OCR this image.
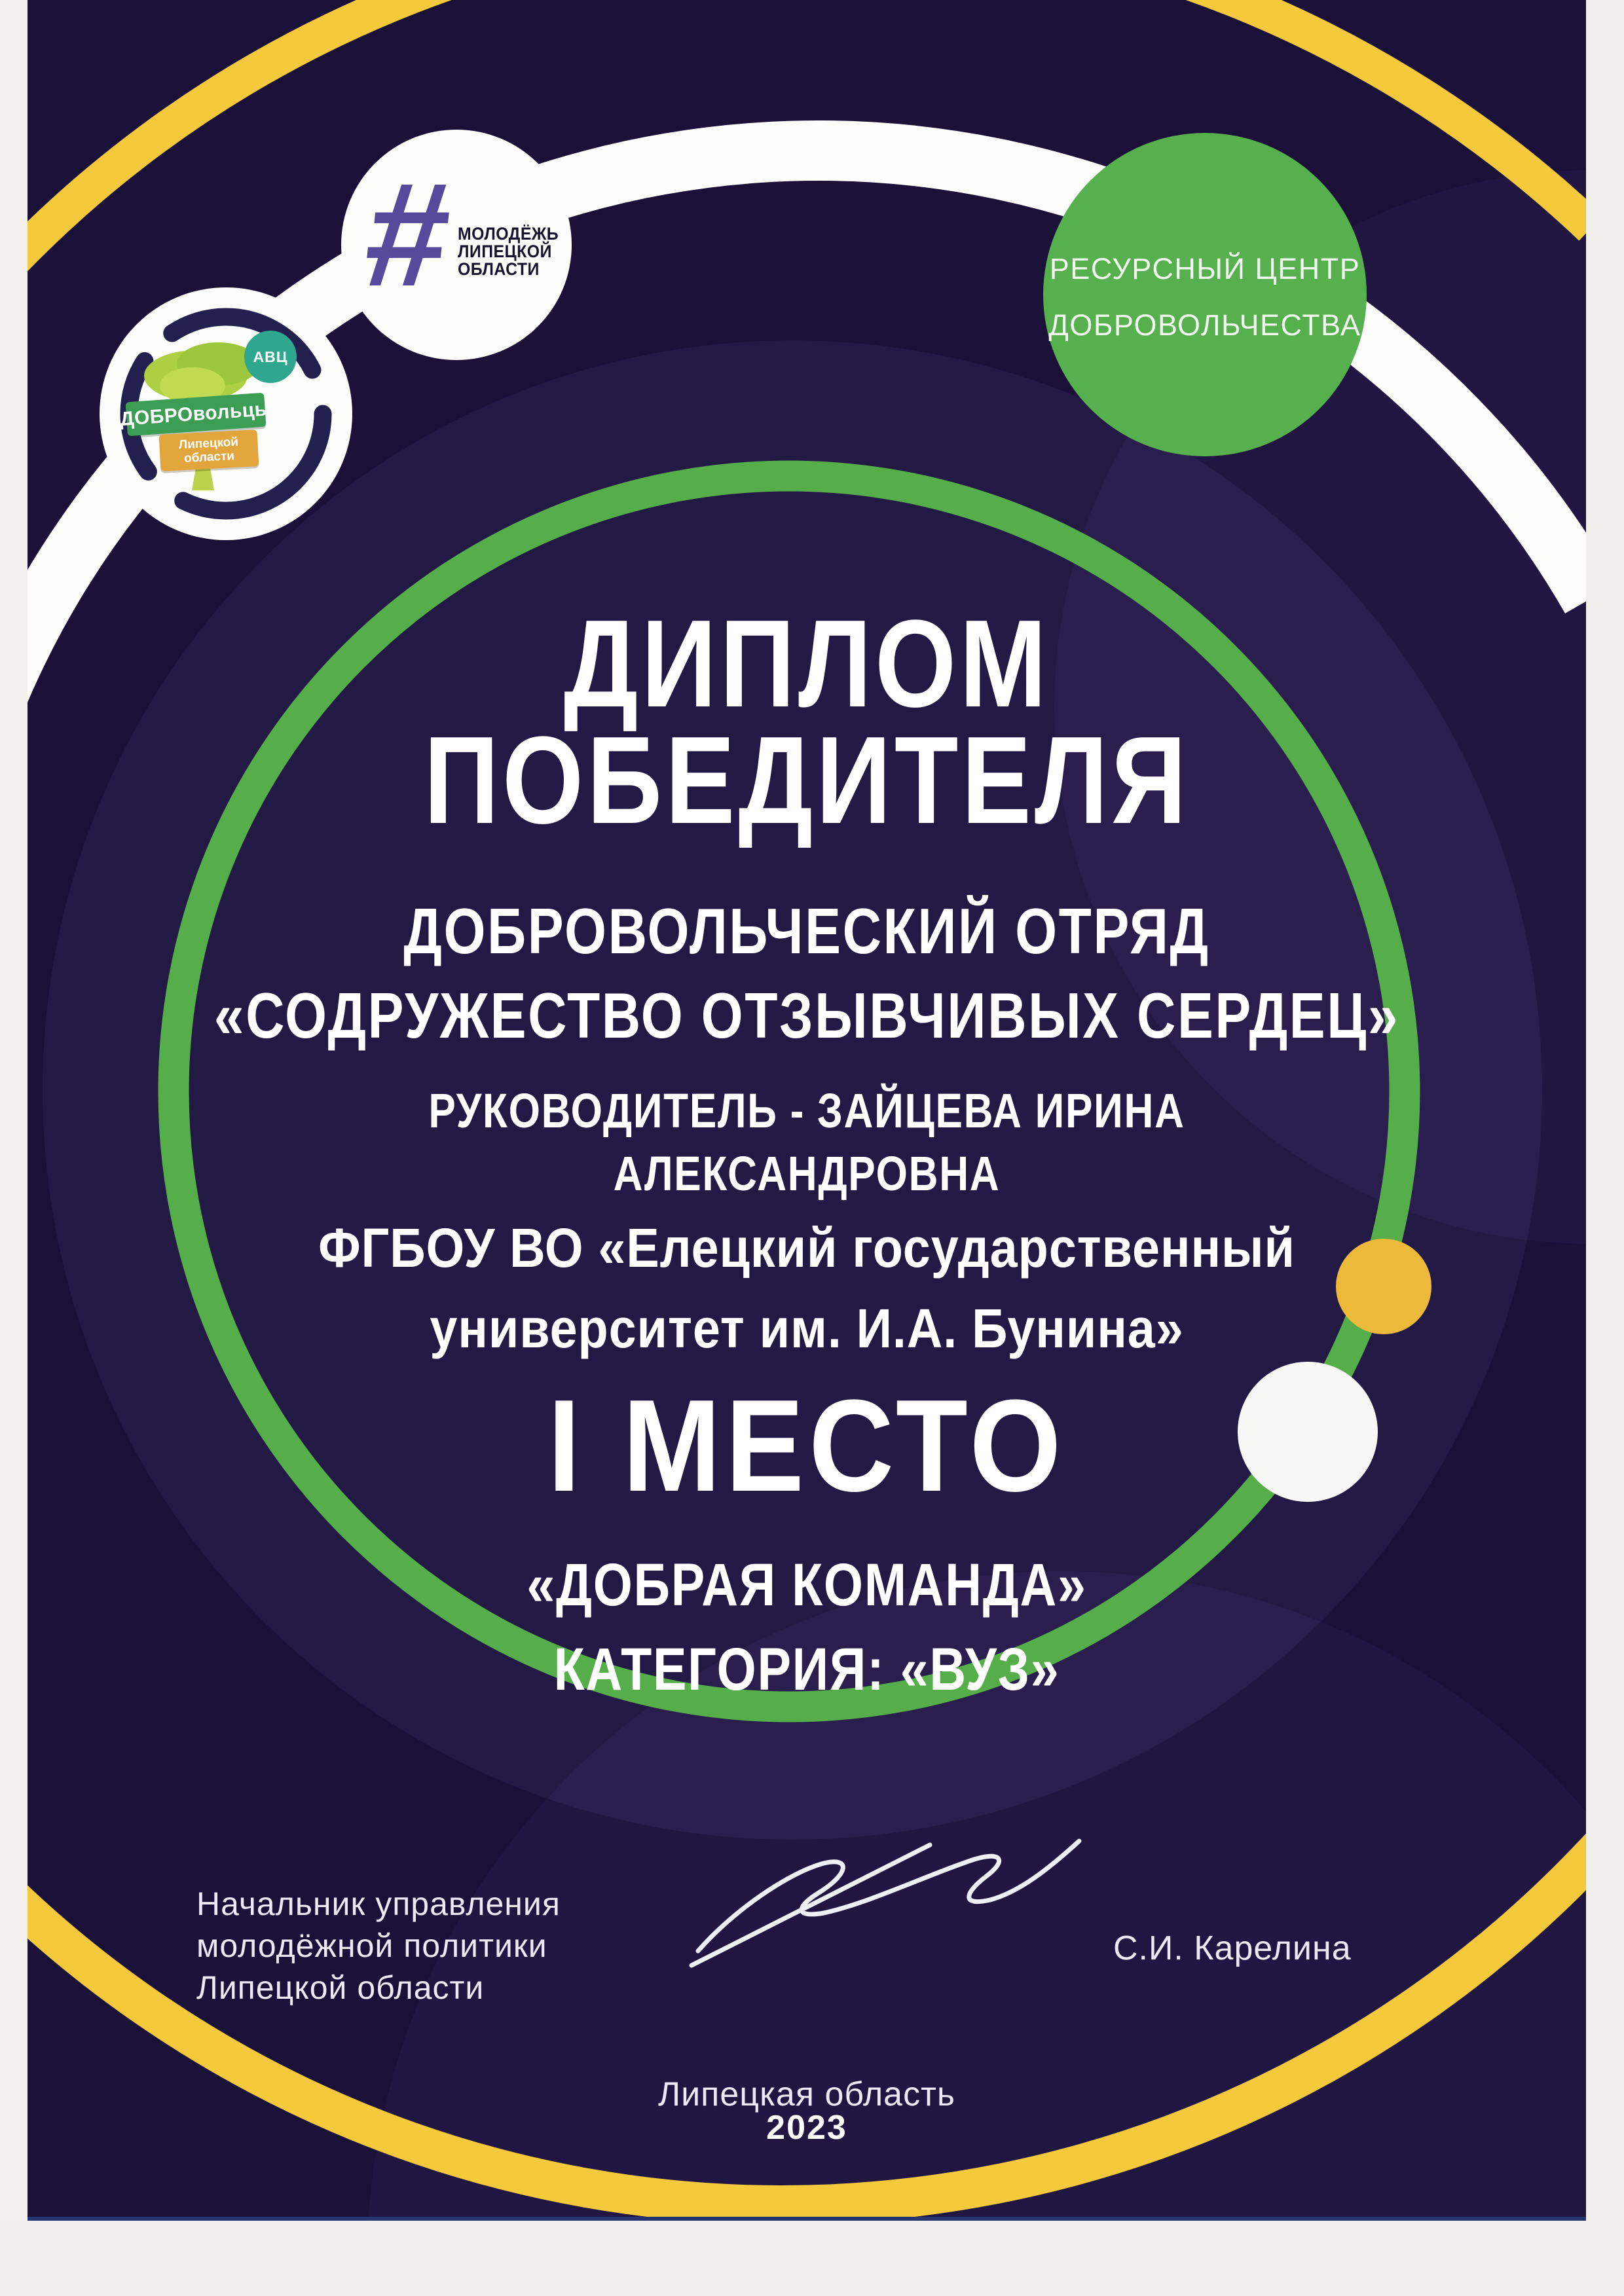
ДОБРОвольцы
Липецкой
области
АВЦ
# МОЛОДЁЖЬ
ЛИПЕЦКОЙ
ОБЛАСТИ	РЕСУРСНЫЙ ЦЕНТР
ДОБРОВОЛЬЧЕСТВА
ДИПЛОМ
ПОБЕДИТЕЛЯ
ДОБРОВОЛЬЧЕСКИЙ ОТРЯД
«СОДРУЖЕСТВО ОТЗЫВЧИВЫХ СЕРДЕЦ»
РУКОВОДИТЕЛЬ - ЗАЙЦЕВА ИРИНА
АЛЕКСАНДРОВНА
ФГБОУ ВО «Елецкий государственный
университет им. И.А. Бунина»
I МЕСТО
«ДОБРАЯ КОМАНДА»
КАТЕГОРИЯ: «ВУЗ»
Начальник управления
молодёжной политики
Липецкой области
С.И. Карелина
Липецкая область
2023
